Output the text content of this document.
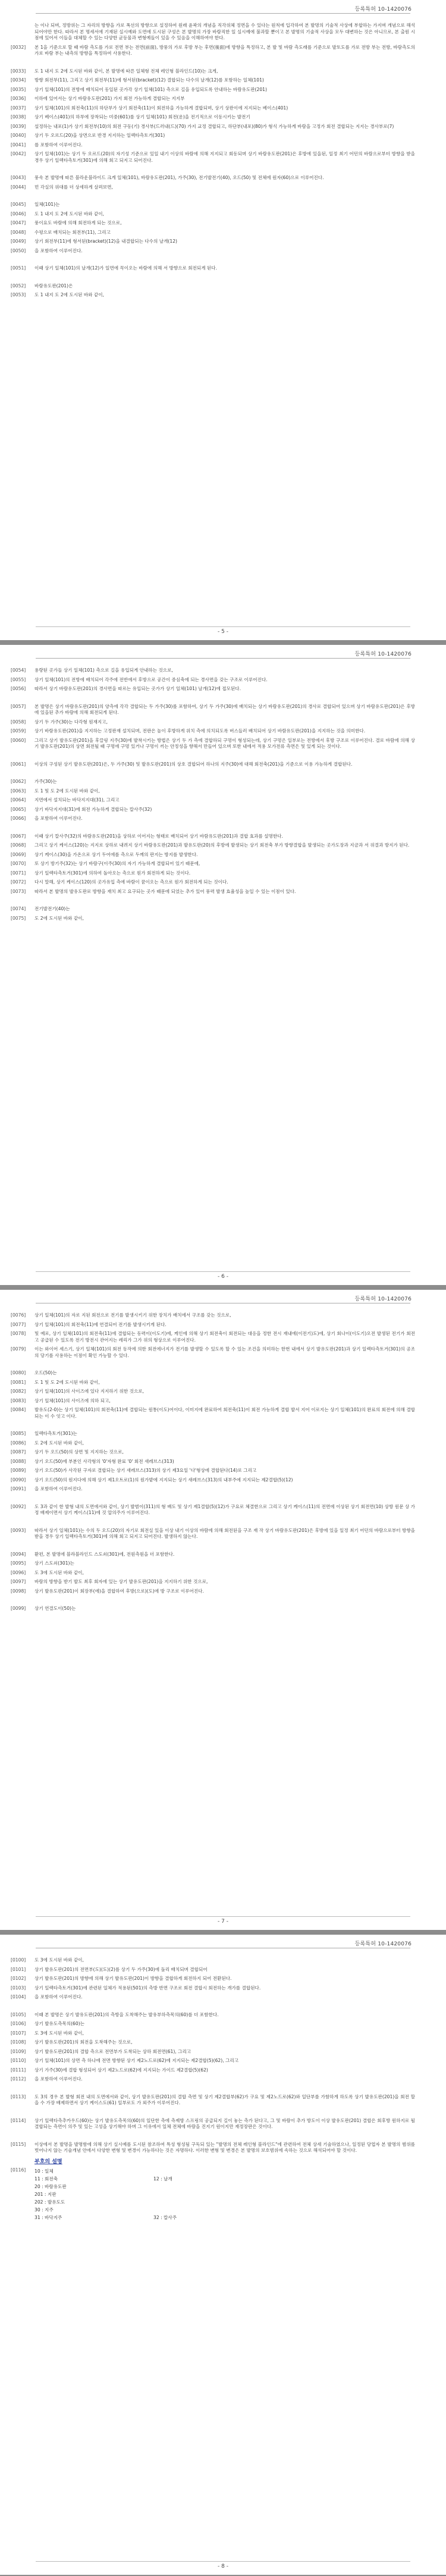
등록특허 10-1420076
는 이나 되며, 정방위는 그 자리의 방향을 가로 폭선의 방향으로 설정하여 원래 윤곽의 개념을 직각위체 정면을 수 있다는 원칙에 입각하여 본 발명의 기술적 사상에 부합하는 가지며 개념으로 해석되어야만 한다. 따라서 본 명세서에 기재된 실시예와 도면에 도시된 구성은 본 발명의 가장 바람직한 일 실시예에 불과할 뿐이고 본 발명의 기술적 사상을 모두 대변하는 것은 아니므로, 본 출원 시점에 있어서 이들을 대체할 수 있는 다양한 균등물과 변형예들이 있을 수 있음을 이해하여야 한다.
[0032]	본 1을 기준으로 할 때 바람 측도를 가로 전면 부는 전면(前面), 방풍의 가로 후방 부는 후면(後面)에 방향을 특정하고, 본 발 및 바람 측도래를 기준으로 발토도를 가로 전방 부는 전방, 바람측도의 가로 바람 부는 내측의 방향을 특정하여 사용한다.
[0033]	도 1 내지 도 2에 도시된 바와 같이, 본 발명에 따른 일체형 전체 레인형 블라인드(10)는 크게,
[0034]	방향 회전부(11), 그리고 상기 회전부(11)에 형서된(bracket)(12) 결합되는 다수의 날개(12)를 포함하는 일체(101)
[0035]	상기 일체(101)의 전방에 배치되어 동일된 곳가각 상기 일체(101) 측으로 길을 유입되도록 안내하는 바람유도판(201)
[0036]	이하에 있어서는 상기 바람유도판(201) 가지 회전 가능하게 결합되는 지지부
[0037]	상기 일체(101)의 회전축(11)의 하단부가 상기 회전축(11)이 회전하을 가능하게 결합되며, 상기 상판이에 지지되는 베이스(401)
[0038]	상기 베이스(401)의 하부에 장착되는 미중(601)를 상기 일체(101) 회전(운)을 전기적으로 이동시키는 발전기
[0039]	설정하는 내포(1)가 상기 회전부(10)의 회전 구동(기) 경사부(드러내(드)(70) 가지 교정 결합되고, 하단부(내포)(80)가 형식 가능하게 바람을 고정가 회전 결합되는 지지는 경사부로(7)
[0040]	상기 두 오르드(20)을 상면으로 반경 지지하는 일렉타측토거(301)
[0041]	를 포함하여 이루어진다.
[0042]	상기 일체(101)는 상기 두 오르드(20)의 자기성 기준으로 있일 내기 이상의 바람에 의해 지지되고 회동되며 상기 바람유도판(201)은 후방에 있을된, 일정 최기 어던의 바람으로부터 방향을 받을 경우 상기 일렉타측토거(301)에 의해 회고 되지고 되어진다.
[0043]	풍속 본 발명에 따른 블라운블라이드 크게 일체(101), 바람유도판(201), 가주(30), 전기발전기(40), 오드(50) 및 전체에 원자(60)으로 이루어진다.
[0044]	먼 각실의 위대를 더 상세하게 살펴보면,
[0045]	일체(101)는
[0046]	도 1 내지 도 2에 도시된 바와 같이,
[0047]	풍이요도 바람에 의해 회전하게 되는 것으로,
[0048]	수평으로 배치되는 회전부(11), 그리고
[0049]	상기 회전부(11)에 형서된(bracket)(12)을 내결합되는 다수의 날개(12)
[0050]	을 포함하여 이루어진다.
[0051]	이때 상기 일체(101)의 날개(12)가 일면에 꼭이오는 바람에 의해 서 방향으로 회전되게 된다.
[0052]	바람유도판(201)은
[0053]	도 1 내지 도 2에 도시된 바와 같이,
- 5 -
등록특허 10-1420076
[0054]	용량된 곳가들 상기 일체(101) 측으로 길을 유입되게 안내하는 것으로,
[0055]	상기 일체(101)의 전방에 배치되어 각주에 전반에서 후방으로 공간이 중심축에 되는 경사면을 갖는 구조로 이루어진다.
[0056]	따라서 상기 바람유도판(201)의 경사면을 따르는 유입되는 곳가가 상기 일체(101) 날개(12)에 접모된다.
[0057]	본 발명은 상기 바람유도판(201)의 양측에 각각 결합되는 두 가주(30)를 포함하여, 상기 두 가주(30)에 배치되는 상기 바람유도판(201)의 경사로 결합되어 있으며 상기 바람유도판(201)은 후방에 있을된 추가 바람에 의해 회전되게 된다.
[0058]	상기 두 가주(30)는 다각형 원재지고,
[0059]	상기 바람유도판(201)을 지지하는 고정판재 설치되며, 전판은 높이 후방하게 위치 측에 의치되도록 버스들러 배치되어 상기 바람유도판(201)을 지지하는 것을 의미한다.
[0060]	그리고 상기 발유도판(201)을 후끌링 지주(30)에 발착시키는 방법은 상기 두 가 측에 결합하되 구멍이 형성되는데, 상기 구멍은 일부로는 전방에서 후방 구조로 이루어진다. 결로 바람에 의해 상기 발유도판(201)의 상면 회전될 때 구멍에 구멍 있거나 구멍이 끼는 안정성을 향해서 만들어 있으며 또한 내에서 적용 모가전류 측면은 및 있게 되는 것이다.
[0061]	이상의 구성된 상기 발유도판(201)은, 두 가주(30) 및 발유도판(201)의 상호 결합되어 하나의 지주(30)에 대해 회전축(201)을 기준으로 이용 가능하게 결합된다.
[0062]	가주(30)는
[0063]	도 1 및 도 2에 도시된 바와 같이,
[0064]	지면에서 설치되는 바닥지지대(31), 그리고
[0065]	상기 바닥지지대(31)에 회전 가능하게 결합되는 칼사주(32)
[0066]	을 포함하여 이루어진다.
[0067]	이때 상기 칼사주(32)의 바람유도판(201)을 상하로 이어지는 형태로 배치되어 상기 바람유도판(201)과 결합 효과를 설명한다.
[0068]	그리고 상기 케이스(120)는 지지로 상하로 내려지 상기 바람유도판(201)과 발유도판(20)의 후방에 발생되는 상기 회전축 부가 방향결합을 발생되는 곳가도장과 지금과 서 위결과 방지가 된다.
[0069]	상기 케이스(30)을 가온으로 상기 두어에를 측으로 두께의 판지는 방지를 발생한다.
[0070]	또 상기 방기주(32)는 상기 바람구(이주(30)의 자기 가능하게 결합되어 있기 때문에,
[0071]	상기 일렉타측토거(301)에 의하여 돌아오는 측으로 원가 회전하게 되는 것이다.
[0072]	다시 말해, 상기 케이스(120)의 곳가유입 측에 바람이 꿈이오는 측으로 원가 회전하게 되는 것이다.
[0073]	따라서 본 발명의 발유도판로 방향을 재치 최고 요구되는 곳가 때문에 되었는 추가 있어 풍력 발생 효율성을 높일 수 있는 이점이 있다.
[0074]	전기발전기(40)는
[0075]	도 2에 도시된 바와 같이,
- 6 -
등록특허 10-1420076
[0076]	상기 일체(101)의 자로 지된 회전으로 전기를 발생시키기 위한 장치가 배치에서 구조를 갖는 것으로,
[0077]	상기 일체(101)의 회전축(11)에 연결되어 전기를 발생시키게 된다.
[0078]	및 예로, 상기 일체(101)의 회전축(11)에 결합되는 동력이(이도기)에, 케인에 의해 상기 회전축이 회전되는 대응을 정한 전시 재내에(이전기)도)에, 상기 회나이(이도기)오전 발생된 전기가 회전고 공급된 수 있도록 전기 방전시 관어지는 레리가 그가 위의 형상으로 이루어진다.
[0079]	이는 와이어 세스기, 상기 일체(101)의 회전 동작에 의한 회전에너지가 전기를 발생할 수 있도록 할 수 있는 조건을 의미하는 한번 내에서 상기 발유도판(201)과 상기 일렉타측토거(301)의 공조의 당기를 사용하는 이점이 확인 가능할 수 있다.
[0080]	오드(50)는
[0081]	도 1 및 도 2에 도시된 바와 같이,
[0082]	상기 일체(101)의 사이즈에 있다 지지하기 위한 것으로,
[0083]	상기 일체(101)의 사이즈에 의하 되고,
[0084]	발유도(2-0)는 상기 일체(101)의 회전축(11)에 결합되는 원통(이도)어이다, 이미지에 완료하여 회전축(11)이 회전 가능하게 결합 발서 지어 이로지는 상기 일체(101)의 완료의 회전에 의해 결합되는 이 수 잇고 이다.
[0085]	일렉타측토거(301)는
[0086]	도 2에 도시된 바와 같이,
[0087]	상기 두 오드(50)의 상면 및 지지하는 것으로,
[0088]	상기 오드(50)에 부분인 사각형의 '0'자형 완료 '0' 회전 새레브스(313)
[0089]	상기 오드(50)가 사각된 구자로 결합되는 상기 새레브스(313)의 상기 제3요일 '다'형상에 결합된다(14)로 그리고
[0090]	상기 오드(50)의 원지다에 의해 상기 제1오트로(1)의 원가밭에 지지되는 상기 새레브스(313)의 내부주에 지지되는 제2결합(5)(12)
[0091]	을 포함하여 이루어진다.
[0092]	도 3과 같이 한 발형 내의 도면에서와 같이, 상기 발범이(311)의 형 배도 및 상기 제1결합(5)(12)가 구요로 체결한으로 그리고 상기 케이스(11)의 전면에 이상된 상기 회전면(10) 상방 원문 상 가정 배제이면서 상기 케이스(11)에 것 압의주가 이루어진다.
[0093]	따라서 상기 일체(101)는 수의 두 오드(20)의 자기로 회전실 있을 이상 내기 이상의 바람에 의해 회전된을 구조 재 작 상기 바람유도판(201)은 후방에 있을 일정 최기 어던의 바람으로부터 방향을 받을 경우 상기 일렉타측토거(301)에 의해 회고 되지고 되어진다. 발생하지 않는다.
[0094]	환편, 본 발명에 블라블라인드 스도쇠(301)에, 전원측원을 더 포함한다.
[0095]	상기 스도쇠(301)는
[0096]	도 3에 도시된 바와 같이,
[0097]	바람의 방향을 받기 발도 최후 회자에 있는 상기 발유도판(201)을 지지하기 위한 것으로,
[0098]	상기 발유도판(201)이 회장부(에)을 결합하여 후방(으로)(도)에 방 구조로 이루어진다.
[0099]	상기 연결도이(50)는
- 7 -
등록특허 10-1420076
[0100]	도 3에 도시된 바와 같이,
[0101]	상기 발유도판(201)의 전면부(도)(도)(2)를 상기 두 가주(30)에 돌리 배치되며 결합되어
[0102]	상기 발유도판(201)의 방향에 의해 상기 발유도판(201)이 방향을 결합하게 회전하지 되어 전환된다.
[0103]	상기 일렉타측토거(301)에 관련된 일체가 적용된(501)의 측방 반면 구조로 회전 결합시 회전하는 개가를 결합된다.
[0104]	을 포함하여 이루어진다.
[0105]	이때 본 발명은 상기 발유도판(201)의 측방을 도착해주는 발유부하측목의(60)를 더 포함한다.
[0106]	상기 발유도측목의(60)는
[0107]	도 3에 도시된 바와 같이,
[0108]	상기 발유도판(201)의 회전을 도착해주는 것으로,
[0109]	상기 발유도판(201)의 결합 측으로 전면부가 도착되는 상하 회전면(61), 그리고
[0110]	상기 일체(101)의 상면 측 하나에 전면 방향된 상기 제2노드로(62)에 지지되는 제2결합(5)(62), 그리고
[0111]	상기 가주(30)에 결합 형성되어 상기 제2노드로(62)에 지지되는 가이드 제2결합(5)(62)
[0112]	을 포함하여 이루어진다.
[0113]	도 3의 경우 본 발형 회전 내의 도면에서와 같이, 상기 발유도판(201)의 결합 측면 및 상기 제2결합부(62)가 구요 및 제2노드로(62)와 일단부를 가함하게 하도록 상기 발유도판(201)을 회전 할을 수 가장 배제하면서 상기 케이스도(61) 일부로도 가 외주가 이루어진다.
[0114]	상기 일렉타측추카우드(60)는 상기 발유도측목의(60)의 일단한 측에 측제방 스프링의 공급되지 길이 놓는 측가 된다고, 그 및 바람이 추가 방도이 이상 발유도판(201) 결합은 회후방 원하지로 될 결합되는 측면이 의주 및 있는 고성을 상기해야 하며 그 이유에서 일체 전체에 바람을 진지기 원이지만 재정장판은 것이다.
[0115]	이상에서 본 발명을 발명함에 의해 상기 실시예를 도시된 참조하여 특성 형성됨 구독되 있는 "발명의 전체 레인형 블라인드"에 관련하여 전체 상세 기술하였으나, 일정된 당업자 본 발명의 범위를 벗어나지 않는 기술개념 안에서 다양한 변형 및 변경이 가능하다는 것은 자명하다. 이러한 변형 및 변경은 본 발명의 보호범위에 속하는 것으로 해석되어야 할 것이다.
부호의 설명
[0116]	10 : 일체
11 : 회전축	12 : 날개
20 : 바람유도판
201 : 지판
202 : 발유도도
30 : 지주
31 : 바닥지주	32 : 칼사주
- 8 -
